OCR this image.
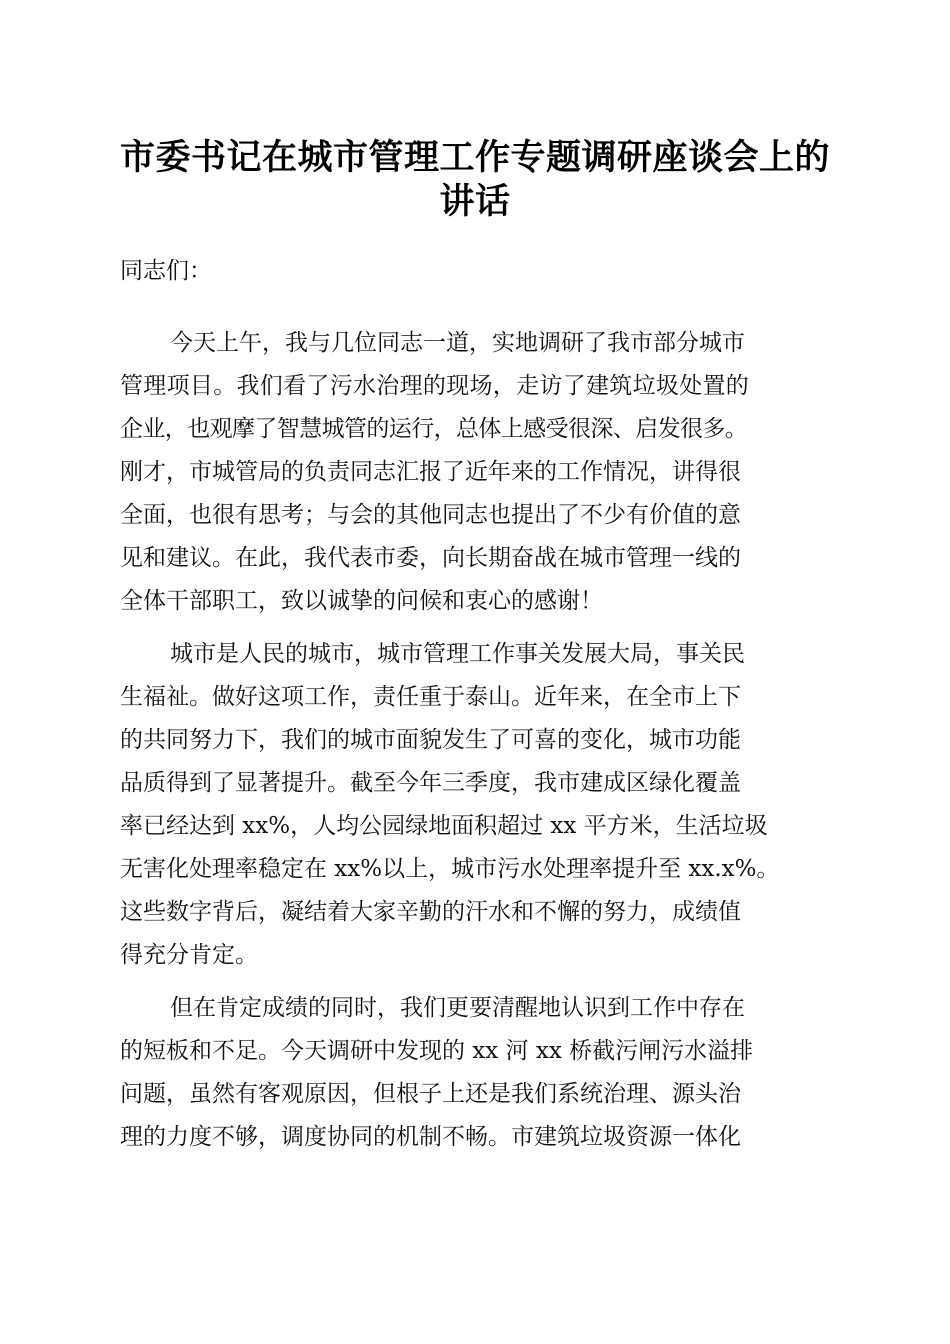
市委书记在城市管理工作专题调研座谈会上的
讲话

同志们：

今天上午，我与几位同志一道，实地调研了我市部分城市

管理项目。我们看了污水治理的现场，走访了建筑垃圾处置的

企业，也观摩了智慧城管的运行，总体上感受很深、启发很多。

刚才，市城管局的负责同志汇报了近年来的工作情况，讲得很

全面，也很有思考；与会的其他同志也提出了不少有价值的意

见和建议。在此，我代表市委，向长期奋战在城市管理一线的

全体干部职工，致以诚挚的问候和衷心的感谢！

城市是人民的城市，城市管理工作事关发展大局，事关民

生福祉。做好这项工作，责任重于泰山。近年来，在全市上下

的共同努力下，我们的城市面貌发生了可喜的变化，城市功能

品质得到了显著提升。截至今年三季度，我市建成区绿化覆盖

率已经达到 xx%，人均公园绿地面积超过 xx 平方米，生活垃圾

无害化处理率稳定在 xx%以上，城市污水处理率提升至 xx.x%。

这些数字背后，凝结着大家辛勤的汗水和不懈的努力，成绩值

得充分肯定。

但在肯定成绩的同时，我们更要清醒地认识到工作中存在

的短板和不足。今天调研中发现的 xx 河 xx 桥截污闸污水溢排

问题，虽然有客观原因，但根子上还是我们系统治理、源头治

理的力度不够，调度协同的机制不畅。市建筑垃圾资源一体化
